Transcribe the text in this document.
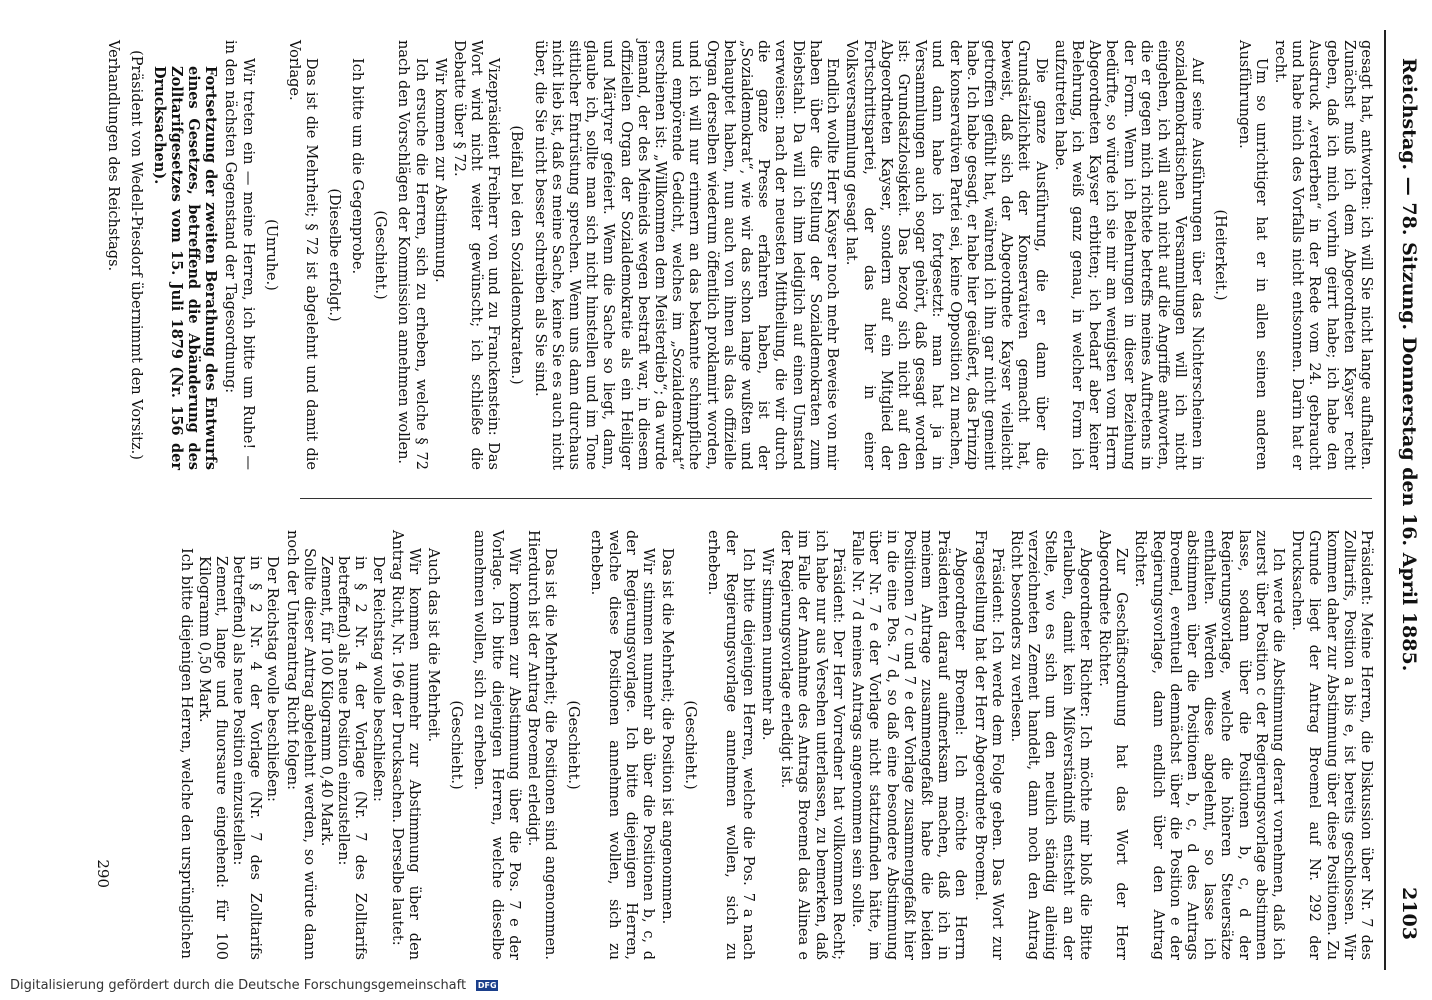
Reichstag. — 78. Sitzung. Donnerstag den 16. April 1885.
2103

gesagt hat, antworten: ich will Sie nicht lange aufhalten. Zunächst muß ich dem Abgeordneten Kayser recht geben, daß ich mich vorhin geirrt habe; ich habe den Ausdruck „verderben“ in der Rede vom 24. gebraucht und habe mich des Vorfalls nicht entsonnen. Darin hat er recht.

Um so unrichtiger hat er in allen seinen anderen Ausführungen.

(Heiterkeit.)

Auf seine Ausführungen über das Nichterscheinen in sozialdemokratischen Versammlungen will ich nicht eingehen, ich will auch nicht auf die Angriffe antworten, die er gegen mich richtete betreffs meines Auftretens in der Form. Wenn ich Belehrungen in dieser Beziehung bedürfte, so würde ich sie mir am wenigsten vom Herrn Abgeordneten Kayser erbitten; ich bedarf aber keiner Belehrung, ich weiß ganz genau, in welcher Form ich aufzutreten habe.

Die ganze Ausführung, die er dann über die Grundsätzlichkeit der Konservativen gemacht hat, beweist, daß sich der Abgeordnete Kayser vielleicht getroffen gefühlt hat, während ich ihn gar nicht gemeint habe. Ich habe gesagt, er habe hier geäußert, das Prinzip der konservativen Partei sei, keine Opposition zu machen, und dann habe ich fortgesetzt: man hat ja in Versammlungen auch sogar gehört, daß gesagt worden ist: Grundsatzlosigkeit. Das bezog sich nicht auf den Abgeordneten Kayser, sondern auf ein Mitglied der Fortschrittspartei, der das hier in einer Volksversammlung gesagt hat.

Endlich wollte Herr Kayser noch mehr Beweise von mir haben über die Stellung der Sozialdemokraten zum Diebstahl. Da will ich ihm lediglich auf einen Umstand verweisen: nach der neuesten Mittheilung, die wir durch die ganze Presse erfahren haben, ist der „Sozialdemokrat“, wie wir das schon lange wußten und behauptet haben, nun auch von ihnen als das offizielle Organ derselben wiederum öffentlich proklamirt worden, und ich will nur erinnern an das bekannte schimpfliche und empörende Gedicht, welches im „Sozialdemokrat“ erschienen ist: „Willkommen dem Meisterdieb“; da wurde jemand, der des Meineids wegen bestraft war, in diesem offiziellen Organ der Sozialdemokratie als ein Heiliger und Märtyrer gefeiert. Wenn die Sache so liegt, dann, glaube ich, sollte man sich nicht hinstellen und im Tone sittlicher Entrüstung sprechen. Wenn uns dann durchaus nicht lieb ist, daß es meine Sache, keine Sie es auch nicht über, die Sie nicht besser schreiben als Sie sind.

(Beifall bei den Sozialdemokraten.)

Vizepräsident Freiherr von und zu Franckenstein: Das Wort wird nicht weiter gewünscht; ich schließe die Debatte über § 72.

Wir kommen zur Abstimmung.

Ich ersuche die Herren, sich zu erheben, welche § 72 nach den Vorschlägen der Kommission annehmen wollen.

(Geschieht.)

Ich bitte um die Gegenprobe.

(Dieselbe erfolgt.)

Das ist die Mehrheit; § 72 ist abgelehnt und damit die Vorlage.

(Unruhe.)

Wir treten ein — meine Herren, ich bitte um Ruhe! — in den nächsten Gegenstand der Tagesordnung:

Fortsetzung der zweiten Berathung des Entwurfs eines Gesetzes, betreffend die Abänderung des Zolltarifgesetzes vom 15. Juli 1879 (Nr. 156 der Drucksachen).

(Präsident von Wedell-Piesdorf übernimmt den Vorsitz.)

Verhandlungen des Reichstags.

Präsident: Meine Herren, die Diskussion über Nr. 7 des Zolltarifs, Position a bis e, ist bereits geschlossen. Wir kommen daher zur Abstimmung über diese Positionen. Zu Grunde liegt der Antrag Broemel auf Nr. 292 der Drucksachen.

Ich werde die Abstimmung derart vornehmen, daß ich zuerst über Position c der Regierungsvorlage abstimmen lasse, sodann über die Positionen b, c, d der Regierungsvorlage, welche die höheren Steuersätze enthalten. Werden diese abgelehnt, so lasse ich abstimmen über die Positionen b, c, d des Antrags Broemel, eventuell demnächst über die Position e der Regierungsvorlage, dann endlich über den Antrag Richter.

Zur Geschäftsordnung hat das Wort der Herr Abgeordnete Richter.

Abgeordneter Richter: Ich möchte mir bloß die Bitte erlauben, damit kein Mißverständniß entsteht an der Stelle, wo es sich um den neulich ständig alleinig verzeichneten Zement handelt, dann noch den Antrag Richt besonders zu verlesen.

Präsident: Ich werde dem Folge geben. Das Wort zur Fragestellung hat der Herr Abgeordnete Broemel.

Abgeordneter Broemel: Ich möchte den Herrn Präsidenten darauf aufmerksam machen, daß ich in meinem Antrage zusammengefaßt habe die beiden Positionen 7 c und 7 e der Vorlage zusammengefaßt hier in die eine Pos. 7 d, so daß eine besondere Abstimmung über Nr. 7 e der Vorlage nicht stattzufinden hätte, im Falle Nr. 7 d meines Antrags angenommen sein sollte.

Präsident: Der Herr Vorredner hat vollkommen Recht; ich habe nur aus Versehen unterlassen, zu bemerken, daß im Falle der Annahme des Antrags Broemel das Alinea e der Regierungsvorlage erledigt ist.

Wir stimmen nunmehr ab.

Ich bitte diejenigen Herren, welche die Pos. 7 a nach der Regierungsvorlage annehmen wollen, sich zu erheben.

(Geschieht.)

Das ist die Mehrheit; die Position ist angenommen.

Wir stimmen nunmehr ab über die Positionen b, c, d der Regierungsvorlage. Ich bitte diejenigen Herren, welche diese Positionen annehmen wollen, sich zu erheben.

(Geschieht.)

Das ist die Mehrheit; die Positionen sind angenommen. Hierdurch ist der Antrag Broemel erledigt.

Wir kommen zur Abstimmung über die Pos. 7 e der Vorlage. Ich bitte diejenigen Herren, welche dieselbe annehmen wollen, sich zu erheben.

(Geschieht.)

Auch das ist die Mehrheit.

Wir kommen nunmehr zur Abstimmung über den Antrag Richt, Nr. 196 der Drucksachen. Derselbe lautet:

Der Reichstag wolle beschließen:

in § 2 Nr. 4 der Vorlage (Nr. 7 des Zolltarifs betreffend) als neue Position einzustellen:

Zement, für 100 Kilogramm 0,40 Mark.

Sollte dieser Antrag abgelehnt werden, so würde dann noch der Unterantrag Richt folgen:

Der Reichstag wolle beschließen:

in § 2 Nr. 4 der Vorlage (Nr. 7 des Zolltarifs betreffend) als neue Position einzustellen:

Zement, lange und fluorsaure eingehend: für 100 Kilogramm 0,50 Mark.

Ich bitte diejenigen Herren, welche den ursprünglichen

290
Digitalisierung gefördert durch die Deutsche Forschungsgemeinschaft DFG
